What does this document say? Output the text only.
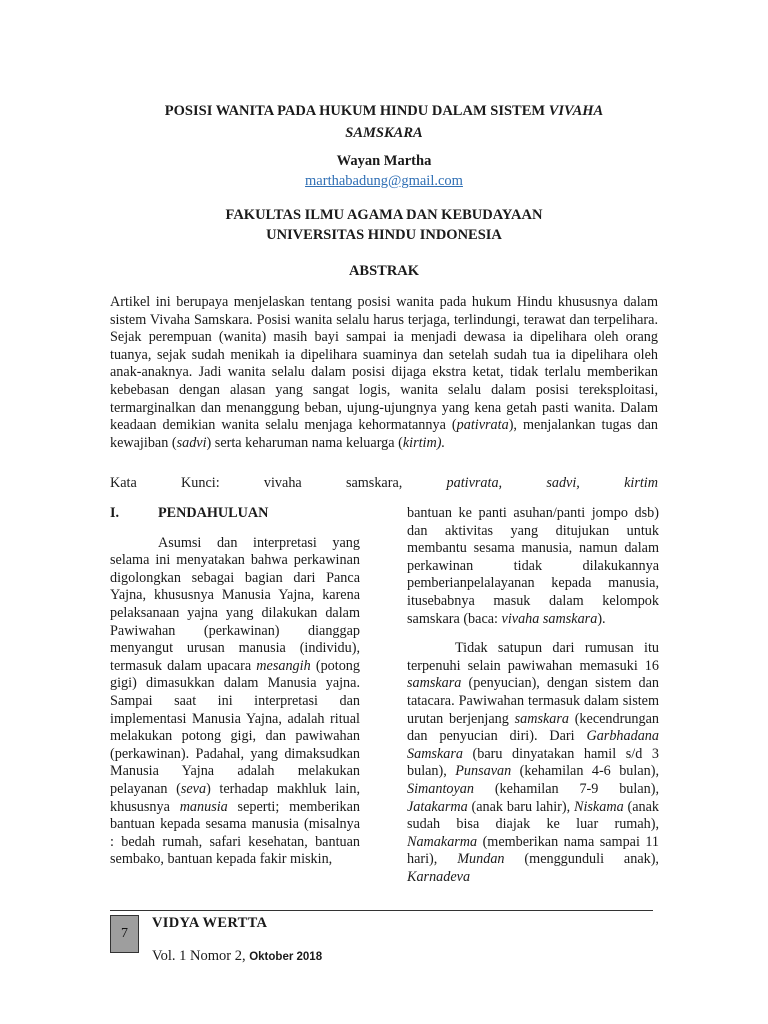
POSISI WANITA PADA HUKUM HINDU DALAM SISTEM VIVAHA SAMSKARA
Wayan Martha
marthabadung@gmail.com
FAKULTAS ILMU AGAMA DAN KEBUDAYAAN
UNIVERSITAS HINDU INDONESIA
ABSTRAK
Artikel ini berupaya menjelaskan tentang posisi wanita pada hukum Hindu khususnya dalam sistem Vivaha Samskara. Posisi wanita selalu harus terjaga, terlindungi, terawat dan terpelihara. Sejak perempuan (wanita) masih bayi sampai ia menjadi dewasa ia dipelihara oleh orang tuanya, sejak sudah menikah ia dipelihara suaminya dan setelah sudah tua ia dipelihara oleh anak-anaknya. Jadi wanita selalu dalam posisi dijaga ekstra ketat, tidak terlalu memberikan kebebasan dengan alasan yang sangat logis, wanita selalu dalam posisi tereksploitasi, termarginalkan dan menanggung beban, ujung-ujungnya yang kena getah pasti wanita. Dalam keadaan demikian wanita selalu menjaga kehormatannya (pativrata), menjalankan tugas dan kewajiban (sadvi) serta keharuman nama keluarga (kirtim).
Kata	Kunci:	vivaha	samskara,	pativrata,	sadvi,	kirtim
I.	PENDAHULUAN

Asumsi dan interpretasi yang selama ini menyatakan bahwa perkawinan digolongkan sebagai bagian dari Panca Yajna, khususnya Manusia Yajna, karena pelaksanaan yajna yang dilakukan dalam Pawiwahan (perkawinan) dianggap menyangut urusan manusia (individu), termasuk dalam upacara mesangih (potong gigi) dimasukkan dalam Manusia yajna. Sampai saat ini interpretasi dan implementasi Manusia Yajna, adalah ritual melakukan potong gigi, dan pawiwahan (perkawinan). Padahal, yang dimaksudkan Manusia Yajna adalah melakukan pelayanan (seva) terhadap makhluk lain, khususnya manusia seperti; memberikan bantuan kepada sesama manusia (misalnya : bedah rumah, safari kesehatan, bantuan sembako, bantuan kepada fakir miskin,

bantuan ke panti asuhan/panti jompo dsb) dan aktivitas yang ditujukan untuk membantu sesama manusia, namun dalam perkawinan tidak dilakukannya pemberianpelalayanan kepada manusia, itusebabnya masuk dalam kelompok samskara (baca: vivaha samskara).

Tidak satupun dari rumusan itu terpenuhi selain pawiwahan memasuki 16 samskara (penyucian), dengan sistem dan tatacara. Pawiwahan termasuk dalam sistem urutan berjenjang samskara (kecendrungan dan penyucian diri). Dari Garbhadana Samskara (baru dinyatakan hamil s/d 3 bulan), Punsavan (kehamilan 4-6 bulan), Simantoyan (kehamilan 7-9 bulan), Jatakarma (anak baru lahir), Niskama (anak sudah bisa diajak ke luar rumah), Namakarma (memberikan nama sampai 11 hari), Mundan (menggunduli anak), Karnadeva

7
VIDYA WERTTA
Vol. 1 Nomor 2, Oktober 2018
